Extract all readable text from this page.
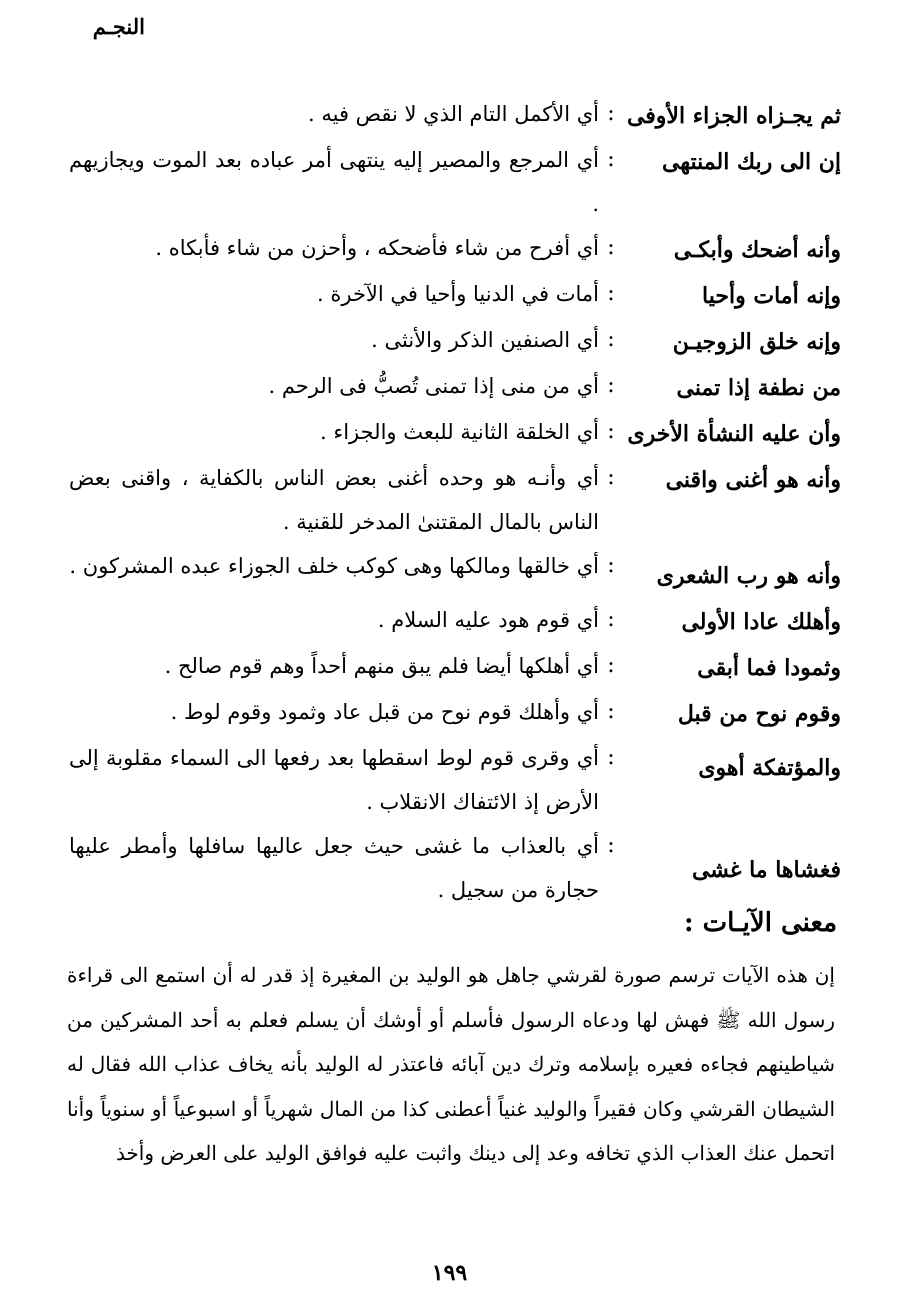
النجـم
ثم يجـزاه الجزاء الأوفى
:
أي الأكمل التام الذي لا نقص فيه .
إن الى ربك المنتهى
:
أي المرجع والمصير إليه ينتهى أمر عباده بعد الموت ويجازيهم .
وأنه أضحك وأبكـى
:
أي أفرح من شاء فأضحكه ، وأحزن من شاء فأبكاه .
وإنه أمات وأحيا
:
أمات في الدنيا وأحيا في الآخرة .
وإنه خلق الزوجيـن
:
أي الصنفين الذكر والأنثى .
من نطفة إذا تمنى
:
أي من منى إذا تمنى تُصبُّ فى الرحم .
وأن عليه النشأة الأخرى
:
أي الخلقة الثانية للبعث والجزاء .
وأنه هو أغنى واقنى
:
أي وأنـه هو وحده أغنى بعض الناس بالكفاية ، واقنى بعض الناس بالمال المقتنىٰ المدخر للقنية .
وأنه هو رب الشعرى
:
أي خالقها ومالكها وهى كوكب خلف الجوزاء عبده المشركون .
وأهلك عادا الأولى
:
أي قوم هود عليه السلام .
وثمودا فما أبقى
:
أي أهلكها أيضا فلم يبق منهم أحداً وهم قوم صالح .
وقوم نوح من قبل
:
أي وأهلك قوم نوح من قبل عاد وثمود وقوم لوط .
والمؤتفكة أهوى
:
أي وقرى قوم لوط اسقطها بعد رفعها الى السماء مقلوبة إلى الأرض إذ الائتفاك الانقلاب .
فغشاها ما غشى
:
أي بالعذاب ما غشى حيث جعل عاليها سافلها وأمطر عليها حجارة من سجيل .
معنى الآيـات :
إن هذه الآيات ترسم صورة لقرشي جاهل هو الوليد بن المغيرة إذ قدر له أن استمع الى قراءة رسول الله ﷺ فهش لها ودعاه الرسول فأسلم أو أوشك أن يسلم فعلم به أحد المشركين من شياطينهم فجاءه فعيره بإسلامه وترك دين آبائه فاعتذر له الوليد بأنه يخاف عذاب الله فقال له الشيطان القرشي وكان فقيراً والوليد غنياً أعطنى كذا من المال شهرياً أو اسبوعياً أو سنوياً وأنا اتحمل عنك العذاب الذي تخافه وعد إلى دينك واثبت عليه فوافق الوليد على العرض وأخذ
١٩٩
